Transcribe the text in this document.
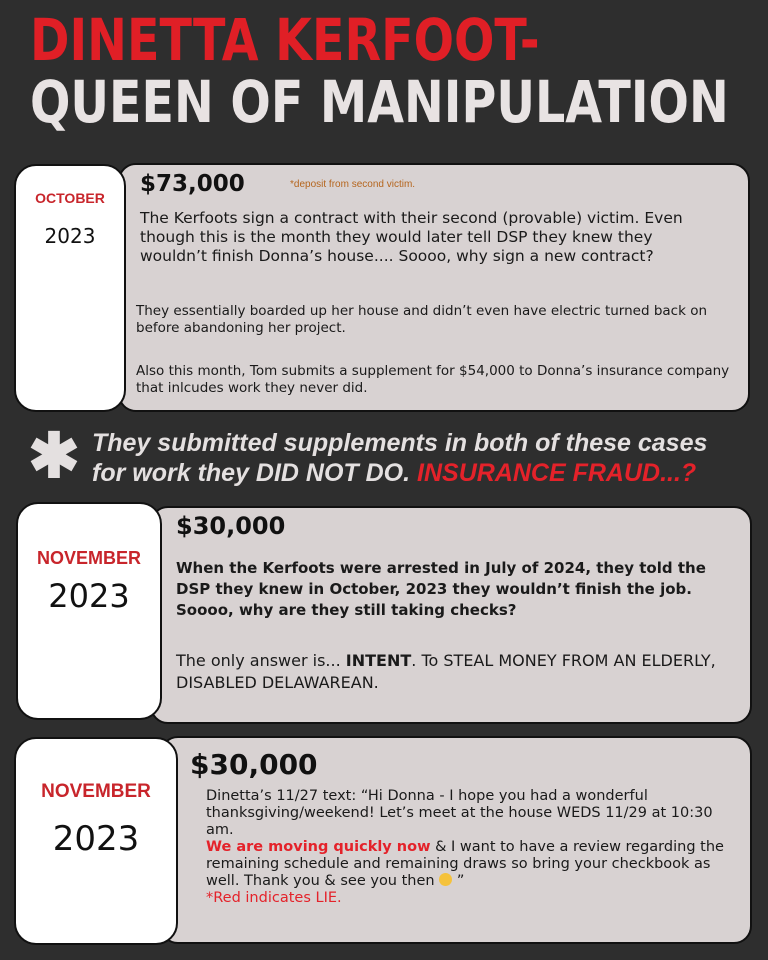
DINETTA KERFOOT-
QUEEN OF MANIPULATION
$73,000	*deposit from second victim.

The Kerfoots sign a contract with their second (provable) victim. Even though this is the month they would later tell DSP they knew they wouldn’t finish Donna’s house.... Soooo, why sign a new contract?

They essentially boarded up her house and didn’t even have electric turned back on before abandoning her project.

Also this month, Tom submits a supplement for $54,000 to Donna’s insurance company that inlcudes work they never did.

OCTOBER
2023
✱ They submitted supplements in both of these cases
for work they DID NOT DO. INSURANCE FRAUD...?
$30,000

When the Kerfoots were arrested in July of 2024, they told the DSP they knew in October, 2023 they wouldn’t finish the job. Soooo, why are they still taking checks?

The only answer is... INTENT. To STEAL MONEY FROM AN ELDERLY, DISABLED DELAWAREAN.

NOVEMBER
2023
$30,000

Dinetta’s 11/27 text: “Hi Donna - I hope you had a wonderful thanksgiving/weekend! Let’s meet at the house WEDS 11/29 at 10:30 am.
We are moving quickly now & I want to have a review regarding the remaining schedule and remaining draws so bring your checkbook as well. Thank you & see you then  ”
*Red indicates LIE.

NOVEMBER
2023
